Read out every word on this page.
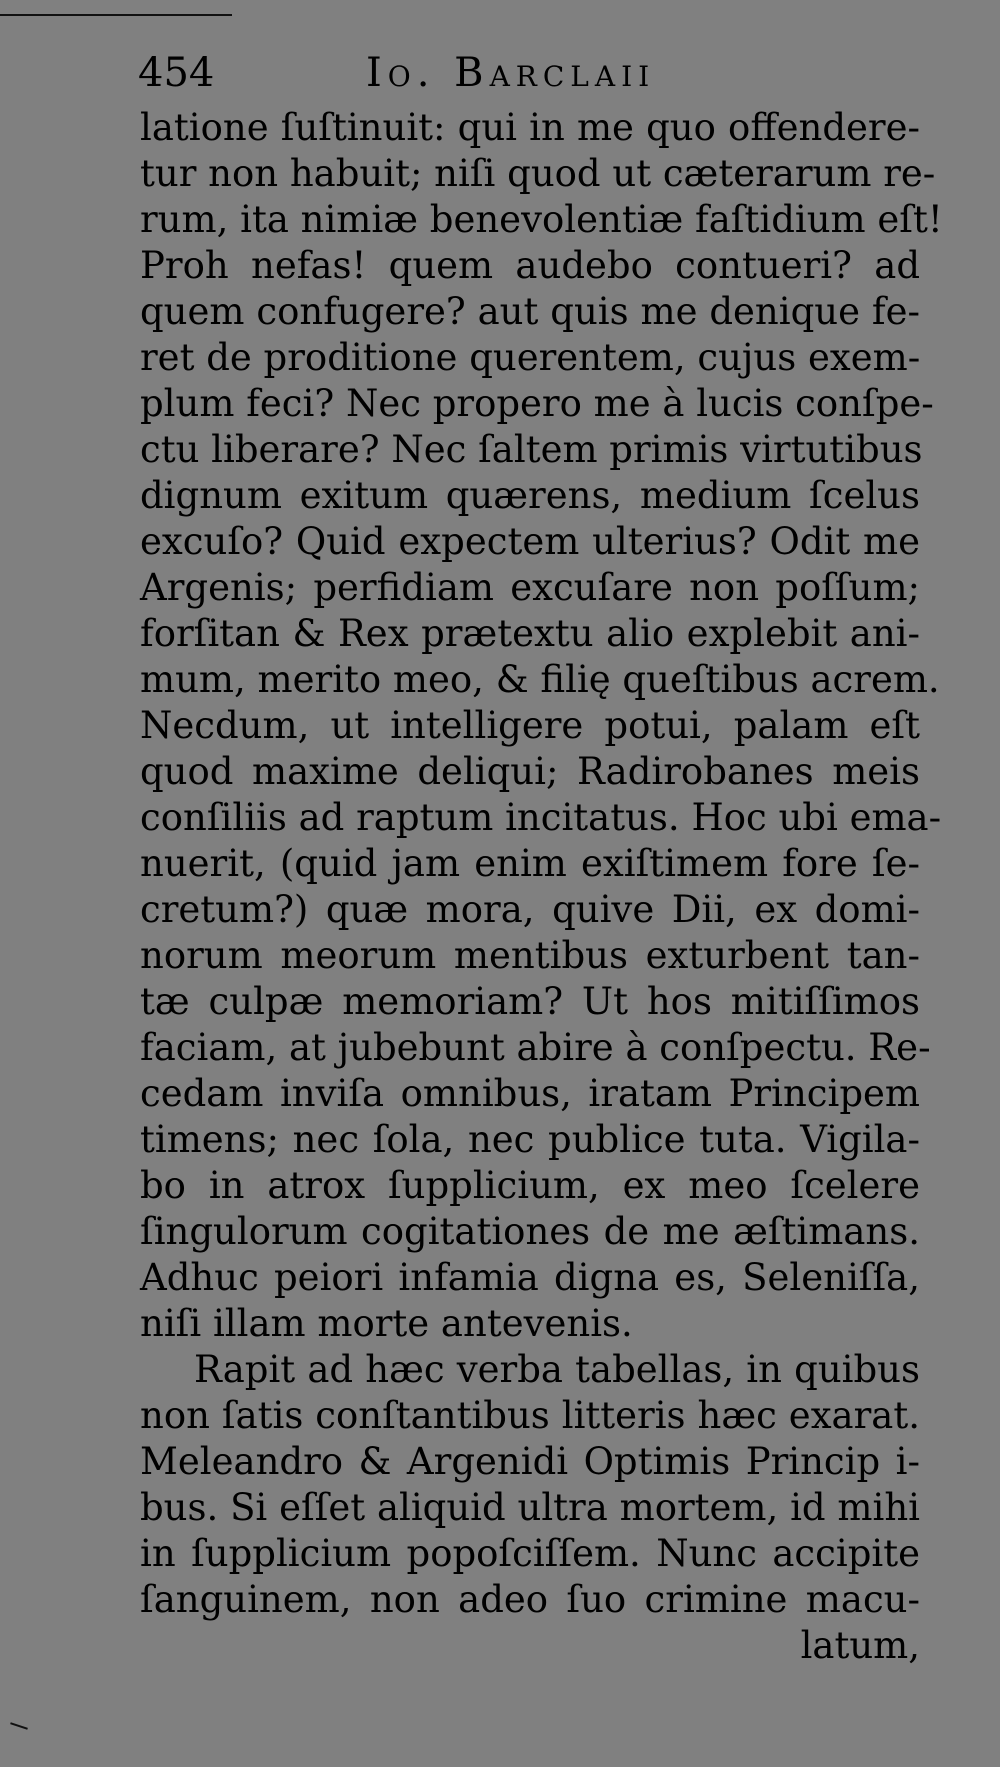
454	Io. Barclaii
latione ſuſtinuit: qui in me quo offendere-
tur non habuit; niſi quod ut cæterarum re-
rum, ita nimiæ benevolentiæ faſtidium eſt!
Proh nefas! quem audebo contueri? ad
quem confugere? aut quis me denique fe-
ret de proditione querentem, cujus exem-
plum feci? Nec propero me à lucis conſpe-
ctu liberare? Nec ſaltem primis virtutibus
dignum exitum quærens, medium ſcelus
excuſo? Quid expectem ulterius? Odit me
Argenis; perfidiam excuſare non poſſum;
forſitan & Rex prætextu alio explebit ani-
mum, merito meo, & filię queſtibus acrem.
Necdum, ut intelligere potui, palam eſt
quod maxime deliqui; Radirobanes meis
conſiliis ad raptum incitatus. Hoc ubi ema-
nuerit, (quid jam enim exiſtimem fore ſe-
cretum?) quæ mora, quive Dii, ex domi-
norum meorum mentibus exturbent tan-
tæ culpæ memoriam? Ut hos mitiſſimos
faciam, at jubebunt abire à conſpectu. Re-
cedam inviſa omnibus, iratam Principem
timens; nec ſola, nec publice tuta. Vigila-
bo in atrox ſupplicium, ex meo ſcelere
ſingulorum cogitationes de me æſtimans.
Adhuc peiori infamia digna es, Seleniſſa,
niſi illam morte antevenis.
Rapit ad hæc verba tabellas, in quibus
non ſatis conſtantibus litteris hæc exarat.
Meleandro & Argenidi Optimis Princip i-
bus. Si eſſet aliquid ultra mortem, id mihi
in ſupplicium popoſciſſem. Nunc accipite
ſanguinem, non adeo ſuo crimine macu-
latum,
